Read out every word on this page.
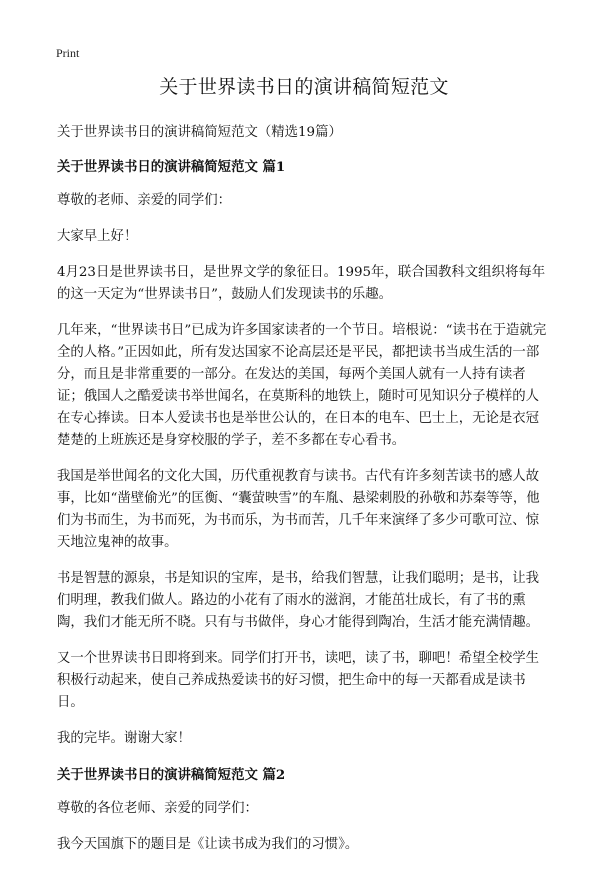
Print
关于世界读书日的演讲稿简短范文

关于世界读书日的演讲稿简短范文（精选19篇）

关于世界读书日的演讲稿简短范文 篇1

尊敬的老师、亲爱的同学们：

大家早上好！

4月23日是世界读书日，是世界文学的象征日。1995年，联合国教科文组织将每年的这一天定为“世界读书日”，鼓励人们发现读书的乐趣。

几年来，“世界读书日”已成为许多国家读者的一个节日。培根说：“读书在于造就完全的人格。”正因如此，所有发达国家不论高层还是平民，都把读书当成生活的一部分，而且是非常重要的一部分。在发达的美国，每两个美国人就有一人持有读者证；俄国人之酷爱读书举世闻名，在莫斯科的地铁上，随时可见知识分子模样的人在专心捧读。日本人爱读书也是举世公认的，在日本的电车、巴士上，无论是衣冠楚楚的上班族还是身穿校服的学子，差不多都在专心看书。

我国是举世闻名的文化大国，历代重视教育与读书。古代有许多刻苦读书的感人故事，比如“凿壁偷光”的匡衡、“囊萤映雪”的车胤、悬梁刺股的孙敬和苏秦等等，他们为书而生，为书而死，为书而乐，为书而苦，几千年来演绎了多少可歌可泣、惊天地泣鬼神的故事。

书是智慧的源泉，书是知识的宝库，是书，给我们智慧，让我们聪明；是书，让我们明理，教我们做人。路边的小花有了雨水的滋润，才能茁壮成长，有了书的熏陶，我们才能无所不晓。只有与书做伴，身心才能得到陶冶，生活才能充满情趣。

又一个世界读书日即将到来。同学们打开书，读吧，读了书，聊吧！希望全校学生积极行动起来，使自己养成热爱读书的好习惯，把生命中的每一天都看成是读书日。

我的完毕。谢谢大家！

关于世界读书日的演讲稿简短范文 篇2

尊敬的各位老师、亲爱的同学们：

我今天国旗下的题目是《让读书成为我们的习惯》。
